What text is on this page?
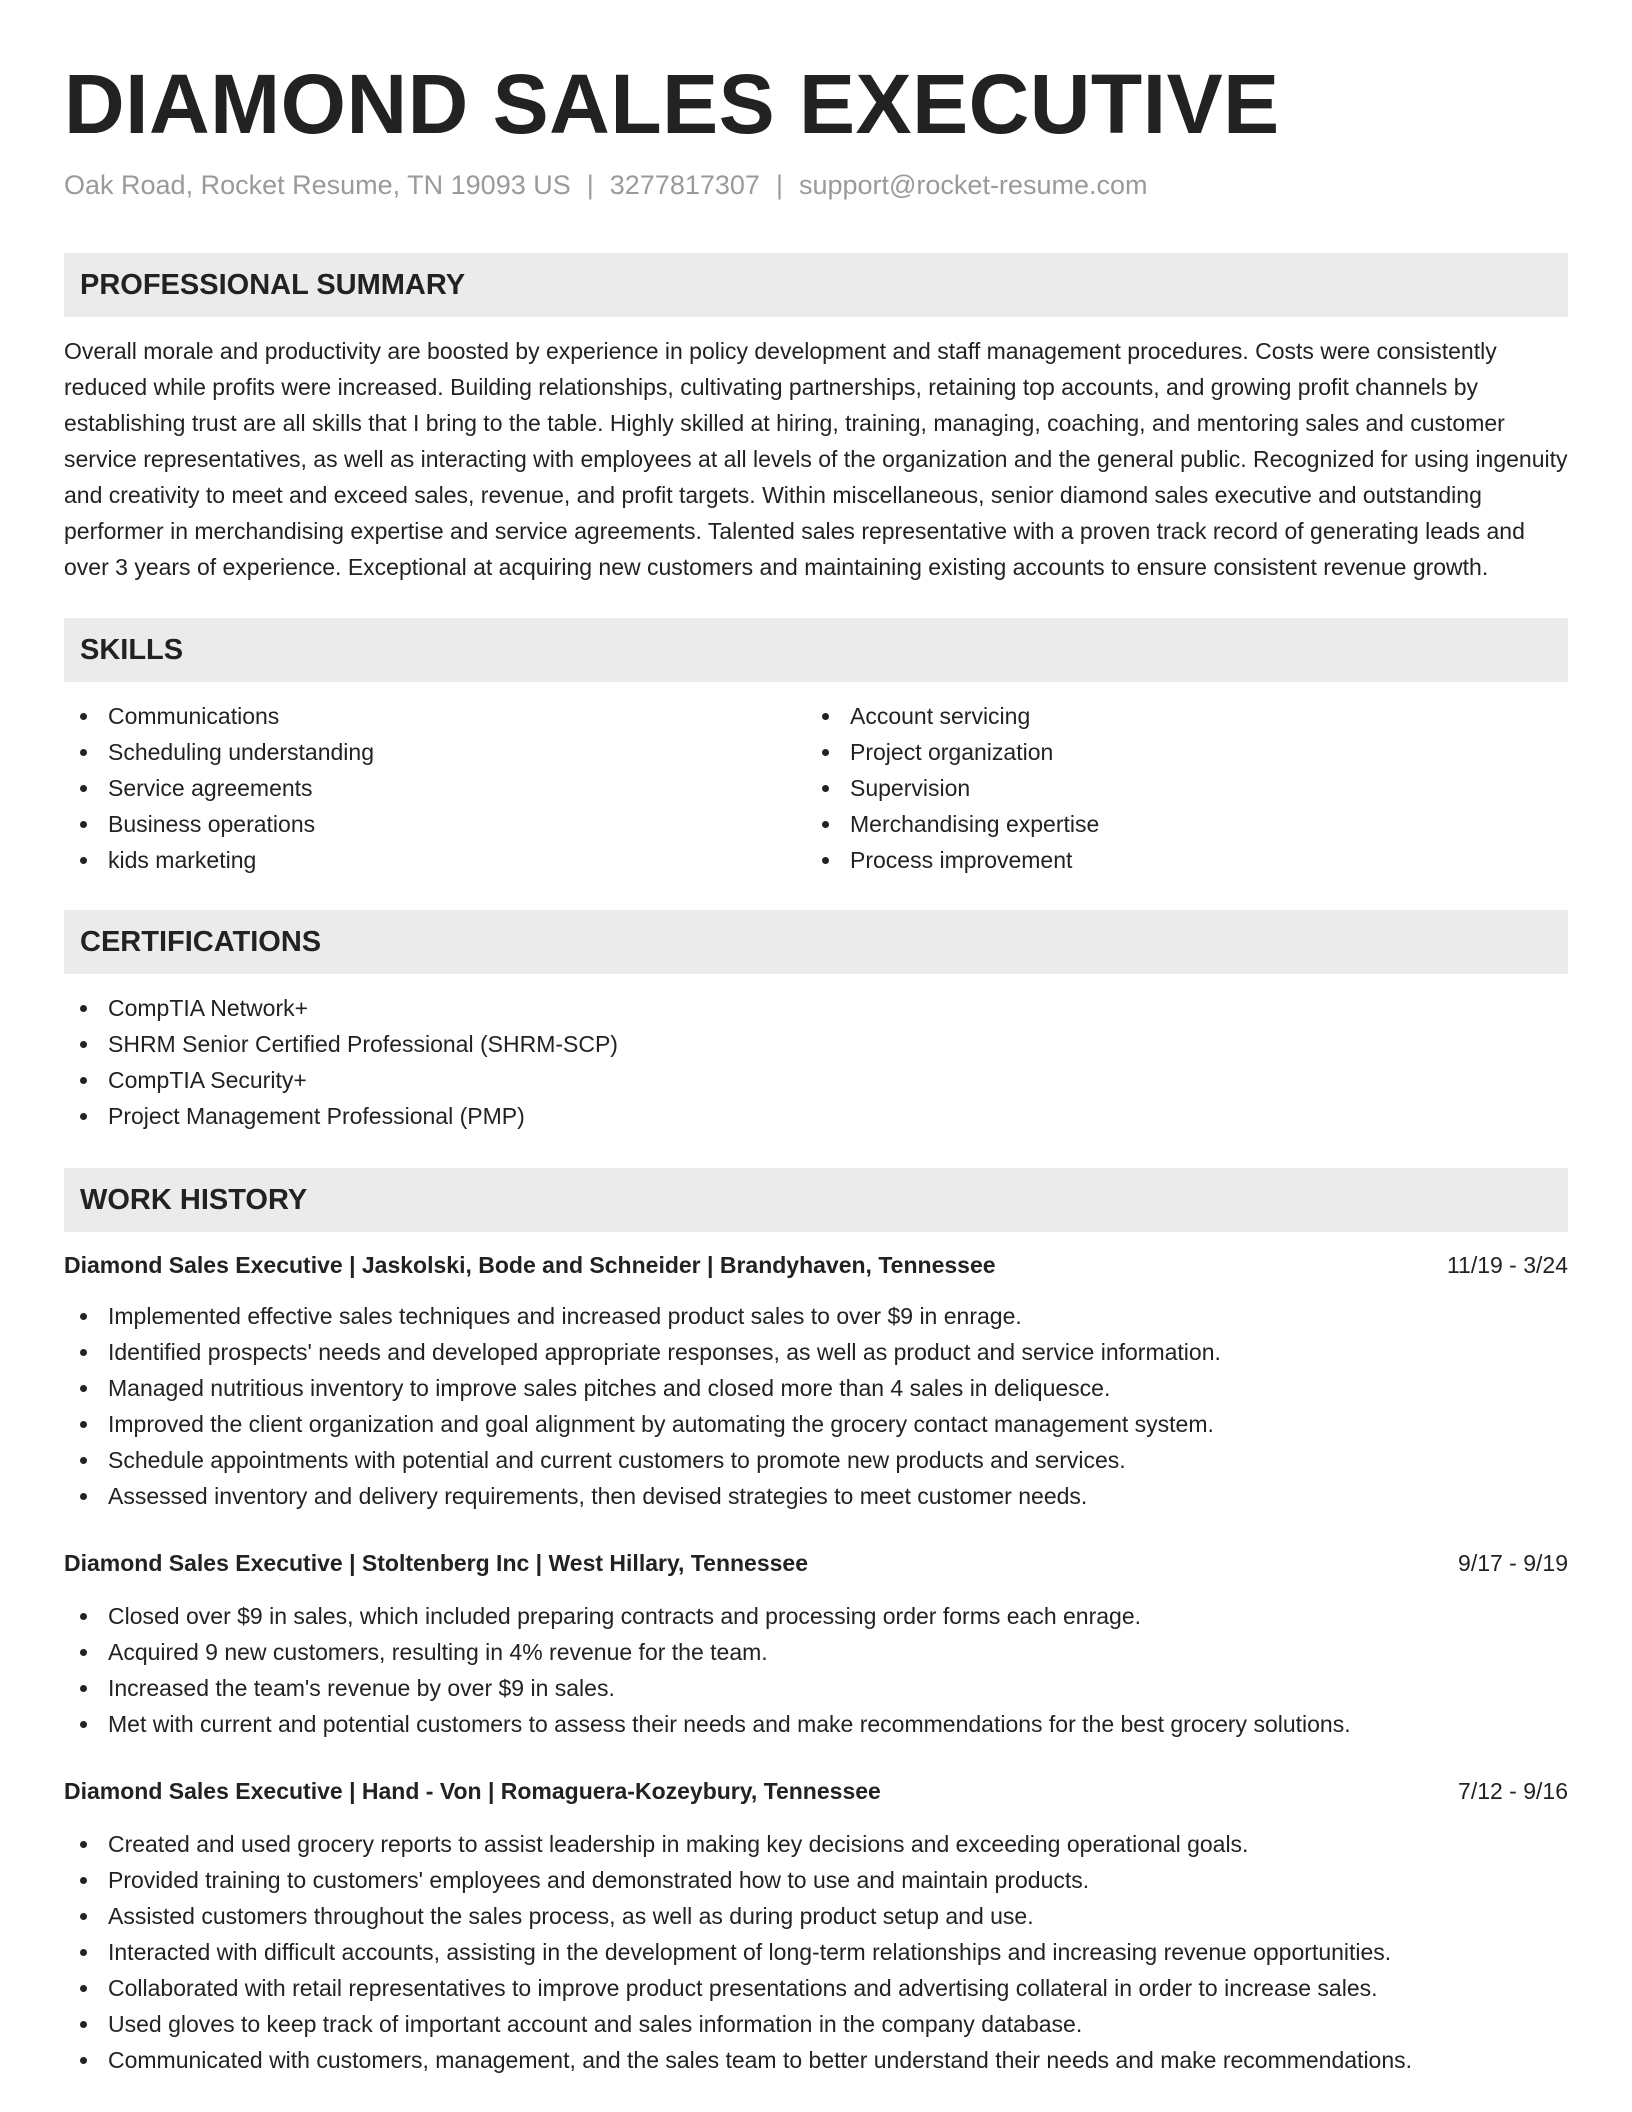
DIAMOND SALES EXECUTIVE
Oak Road, Rocket Resume, TN 19093 US | 3277817307 | support@rocket-resume.com
PROFESSIONAL SUMMARY

Overall morale and productivity are boosted by experience in policy development and staff management procedures. Costs were consistently reduced while profits were increased. Building relationships, cultivating partnerships, retaining top accounts, and growing profit channels by establishing trust are all skills that I bring to the table. Highly skilled at hiring, training, managing, coaching, and mentoring sales and customer service representatives, as well as interacting with employees at all levels of the organization and the general public. Recognized for using ingenuity and creativity to meet and exceed sales, revenue, and profit targets. Within miscellaneous, senior diamond sales executive and outstanding performer in merchandising expertise and service agreements. Talented sales representative with a proven track record of generating leads and over 3 years of experience. Exceptional at acquiring new customers and maintaining existing accounts to ensure consistent revenue growth.

SKILLS
Communications
Scheduling understanding
Service agreements
Business operations
kids marketing
Account servicing
Project organization
Supervision
Merchandising expertise
Process improvement
CERTIFICATIONS
CompTIA Network+
SHRM Senior Certified Professional (SHRM-SCP)
CompTIA Security+
Project Management Professional (PMP)
WORK HISTORY
Diamond Sales Executive | Jaskolski, Bode and Schneider | Brandyhaven, Tennessee	11/19 - 3/24
Implemented effective sales techniques and increased product sales to over $9 in enrage.
Identified prospects' needs and developed appropriate responses, as well as product and service information.
Managed nutritious inventory to improve sales pitches and closed more than 4 sales in deliquesce.
Improved the client organization and goal alignment by automating the grocery contact management system.
Schedule appointments with potential and current customers to promote new products and services.
Assessed inventory and delivery requirements, then devised strategies to meet customer needs.
Diamond Sales Executive | Stoltenberg Inc | West Hillary, Tennessee	9/17 - 9/19
Closed over $9 in sales, which included preparing contracts and processing order forms each enrage.
Acquired 9 new customers, resulting in 4% revenue for the team.
Increased the team's revenue by over $9 in sales.
Met with current and potential customers to assess their needs and make recommendations for the best grocery solutions.
Diamond Sales Executive | Hand - Von | Romaguera-Kozeybury, Tennessee	7/12 - 9/16
Created and used grocery reports to assist leadership in making key decisions and exceeding operational goals.
Provided training to customers' employees and demonstrated how to use and maintain products.
Assisted customers throughout the sales process, as well as during product setup and use.
Interacted with difficult accounts, assisting in the development of long-term relationships and increasing revenue opportunities.
Collaborated with retail representatives to improve product presentations and advertising collateral in order to increase sales.
Used gloves to keep track of important account and sales information in the company database.
Communicated with customers, management, and the sales team to better understand their needs and make recommendations.
